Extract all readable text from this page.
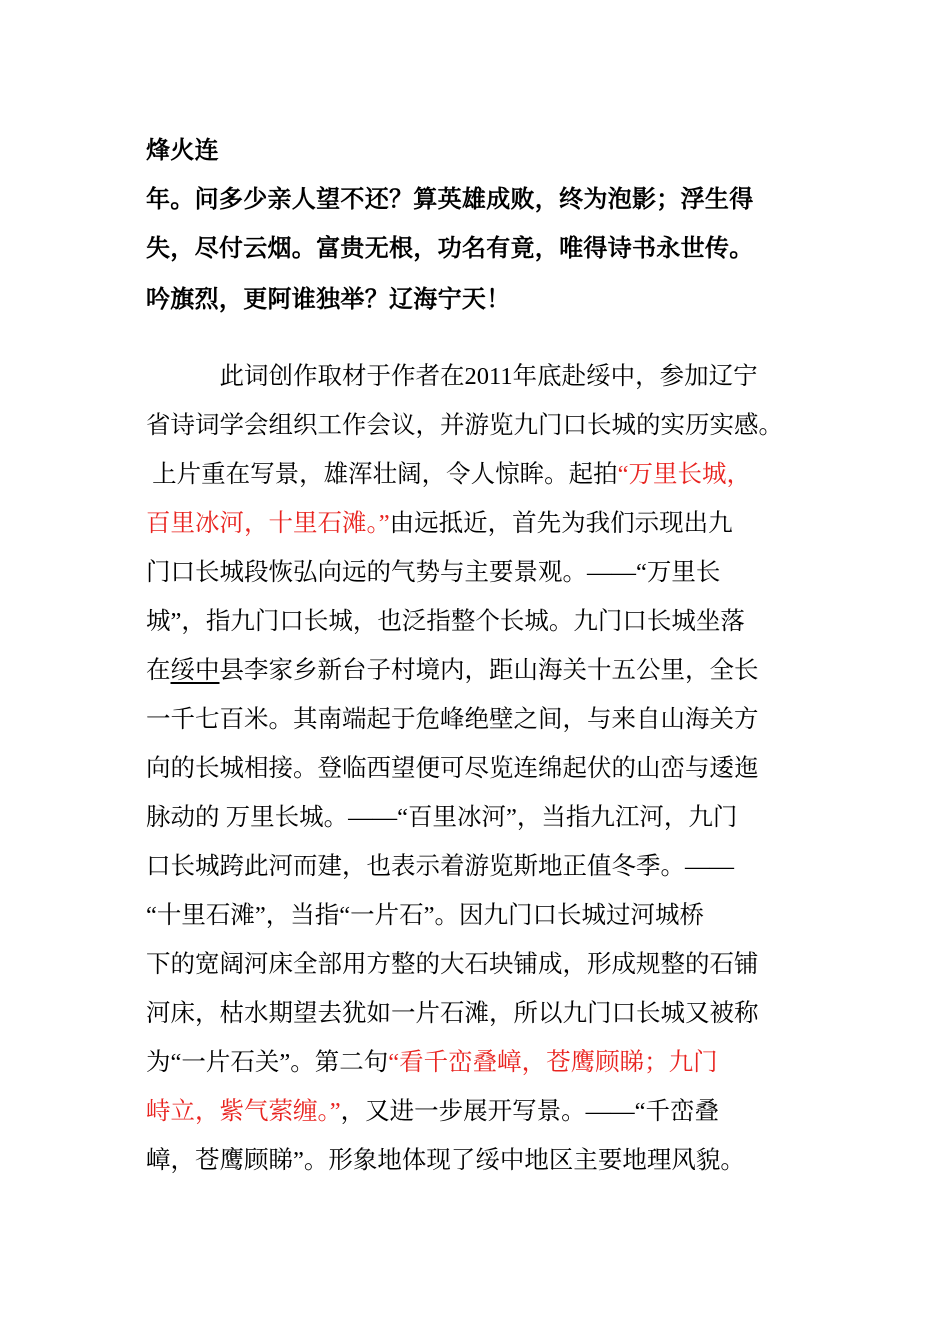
烽火连
年。问多少亲人望不还？算英雄成败，终为泡影；浮生得
失，尽付云烟。富贵无根，功名有竟，唯得诗书永世传。
吟旗烈，更阿谁独举？辽海宁天！
　　　此词创作取材于作者在2011年底赴绥中，参加辽宁
省诗词学会组织工作会议，并游览九门口长城的实历实感。
上片重在写景，雄浑壮阔，令人惊眸。起拍“万里长城，
百里冰河，十里石滩。”由远抵近，首先为我们示现出九
门口长城段恢弘向远的气势与主要景观。——“万里长
城”，指九门口长城，也泛指整个长城。九门口长城坐落
在绥中县李家乡新台子村境内，距山海关十五公里，全长
一千七百米。其南端起于危峰绝壁之间，与来自山海关方
向的长城相接。登临西望便可尽览连绵起伏的山峦与逶迤
脉动的 万里长城。——“百里冰河”，当指九江河，九门
口长城跨此河而建，也表示着游览斯地正值冬季。——
“十里石滩”，当指“一片石”。因九门口长城过河城桥
下的宽阔河床全部用方整的大石块铺成，形成规整的石铺
河床，枯水期望去犹如一片石滩，所以九门口长城又被称
为“一片石关”。第二句“看千峦叠嶂，苍鹰顾睇；九门
峙立，紫气萦缠。”，又进一步展开写景。——“千峦叠
嶂，苍鹰顾睇”。形象地体现了绥中地区主要地理风貌。
